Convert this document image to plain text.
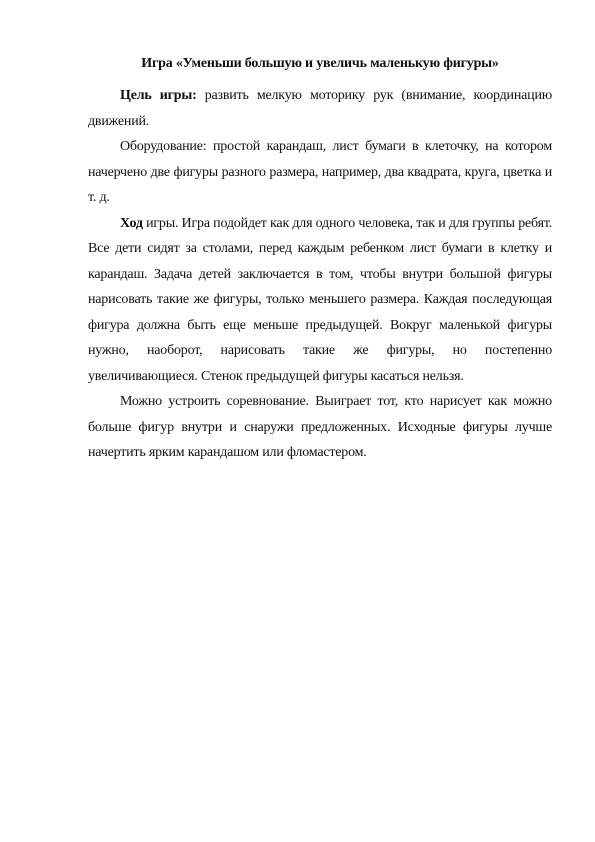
Игра «Уменьши большую и увеличь маленькую фигуры»

Цель игры: развить мелкую моторику рук (внимание, координацию движений.

Оборудование: простой карандаш, лист бумаги в клеточку, на котором начерчено две фигуры разного размера, например, два квадрата, круга, цветка и т. д.

Ход игры. Игра подойдет как для одного человека, так и для группы ребят. Все дети сидят за столами, перед каждым ребенком лист бумаги в клетку и карандаш. Задача детей заключается в том, чтобы внутри большой фигуры нарисовать такие же фигуры, только меньшего размера. Каждая последующая фигура должна быть еще меньше предыдущей. Вокруг маленькой фигуры нужно, наоборот, нарисовать такие же фигуры, но постепенно увеличивающиеся. Стенок предыдущей фигуры касаться нельзя.

Можно устроить соревнование. Выиграет тот, кто нарисует как можно больше фигур внутри и снаружи предложенных. Исходные фигуры лучше начертить ярким карандашом или фломастером.
